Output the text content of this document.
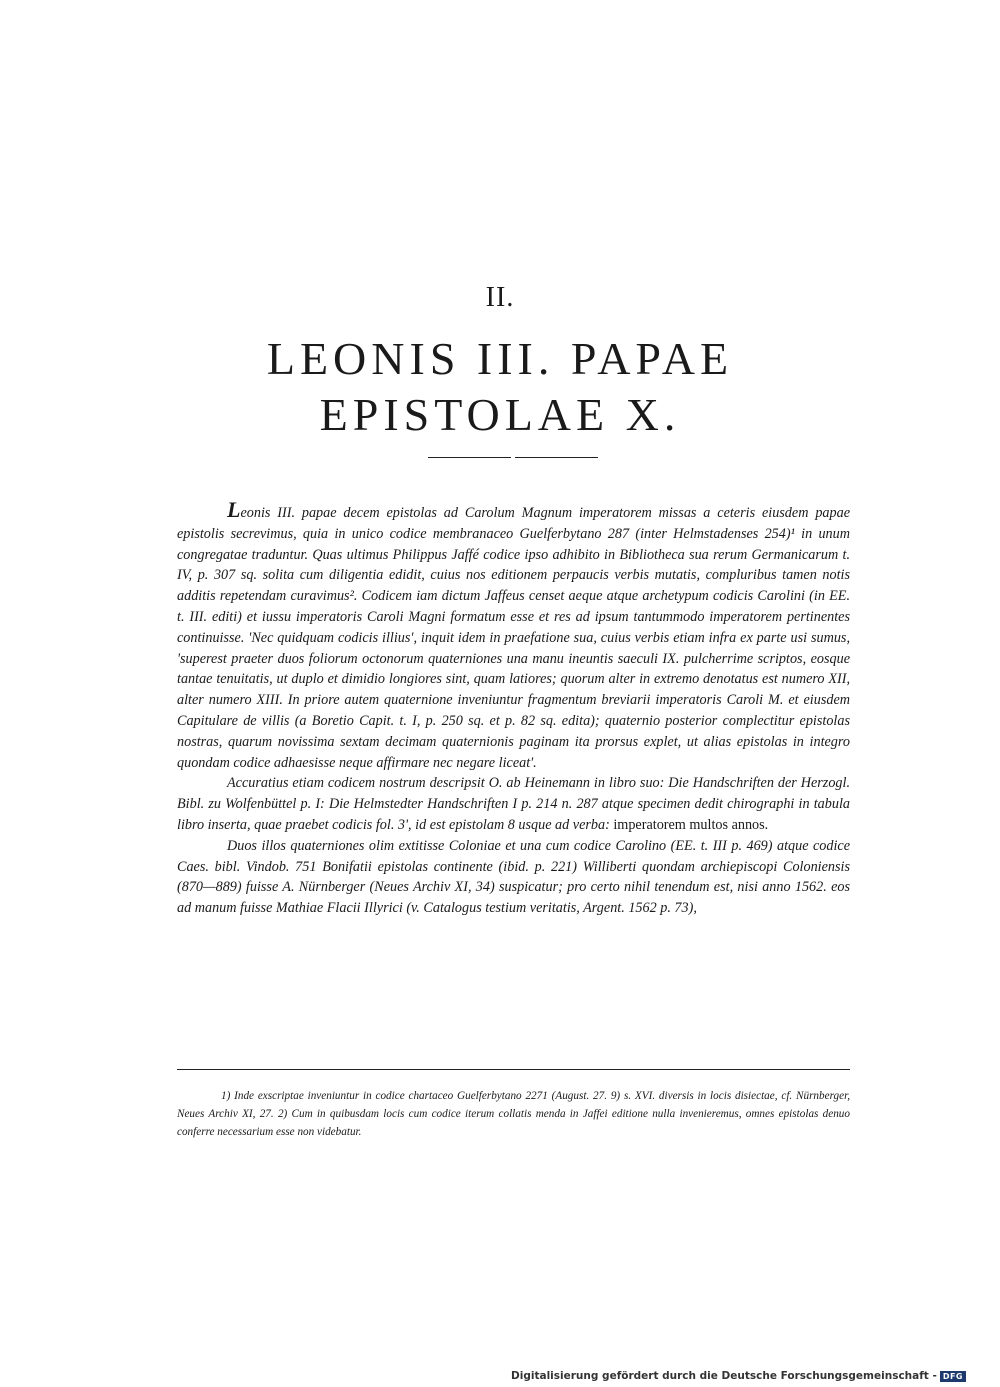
II.
LEONIS III. PAPAE
EPISTOLAE X.

Leonis III. papae decem epistolas ad Carolum Magnum imperatorem missas a ceteris eiusdem papae epistolis secrevimus, quia in unico codice membranaceo Guelferbytano 287 (inter Helmstadenses 254)¹ in unum congregatae traduntur. Quas ultimus Philippus Jaffé codice ipso adhibito in Bibliotheca sua rerum Germanicarum t. IV, p. 307 sq. solita cum diligentia edidit, cuius nos editionem perpaucis verbis mutatis, compluribus tamen notis additis repetendam curavimus². Codicem iam dictum Jaffeus censet aeque atque archetypum codicis Carolini (in EE. t. III. editi) et iussu imperatoris Caroli Magni formatum esse et res ad ipsum tantummodo imperatorem pertinentes continuisse. 'Nec quidquam codicis illius', inquit idem in praefatione sua, cuius verbis etiam infra ex parte usi sumus, 'superest praeter duos foliorum octonorum quaterniones una manu ineuntis saeculi IX. pulcherrime scriptos, eosque tantae tenuitatis, ut duplo et dimidio longiores sint, quam latiores; quorum alter in extremo denotatus est numero XII, alter numero XIII. In priore autem quaternione inveniuntur fragmentum breviarii imperatoris Caroli M. et eiusdem Capitulare de villis (a Boretio Capit. t. I, p. 250 sq. et p. 82 sq. edita); quaternio posterior complectitur epistolas nostras, quarum novissima sextam decimam quaternionis paginam ita prorsus explet, ut alias epistolas in integro quondam codice adhaesisse neque affirmare nec negare liceat'.

Accuratius etiam codicem nostrum descripsit O. ab Heinemann in libro suo: Die Handschriften der Herzogl. Bibl. zu Wolfenbüttel p. I: Die Helmstedter Handschriften I p. 214 n. 287 atque specimen dedit chirographi in tabula libro inserta, quae praebet codicis fol. 3', id est epistolam 8 usque ad verba: imperatorem multos annos.

Duos illos quaterniones olim extitisse Coloniae et una cum codice Carolino (EE. t. III p. 469) atque codice Caes. bibl. Vindob. 751 Bonifatii epistolas continente (ibid. p. 221) Williberti quondam archiepiscopi Coloniensis (870—889) fuisse A. Nürnberger (Neues Archiv XI, 34) suspicatur; pro certo nihil tenendum est, nisi anno 1562. eos ad manum fuisse Mathiae Flacii Illyrici (v. Catalogus testium veritatis, Argent. 1562 p. 73),

1) Inde exscriptae inveniuntur in codice chartaceo Guelferbytano 2271 (August. 27. 9) s. XVI. diversis in locis disiectae, cf. Nürnberger, Neues Archiv XI, 27. 2) Cum in quibusdam locis cum codice iterum collatis menda in Jaffei editione nulla invenieremus, omnes epistolas denuo conferre necessarium esse non videbatur.

Digitalisierung gefördert durch die Deutsche Forschungsgemeinschaft - DFG
